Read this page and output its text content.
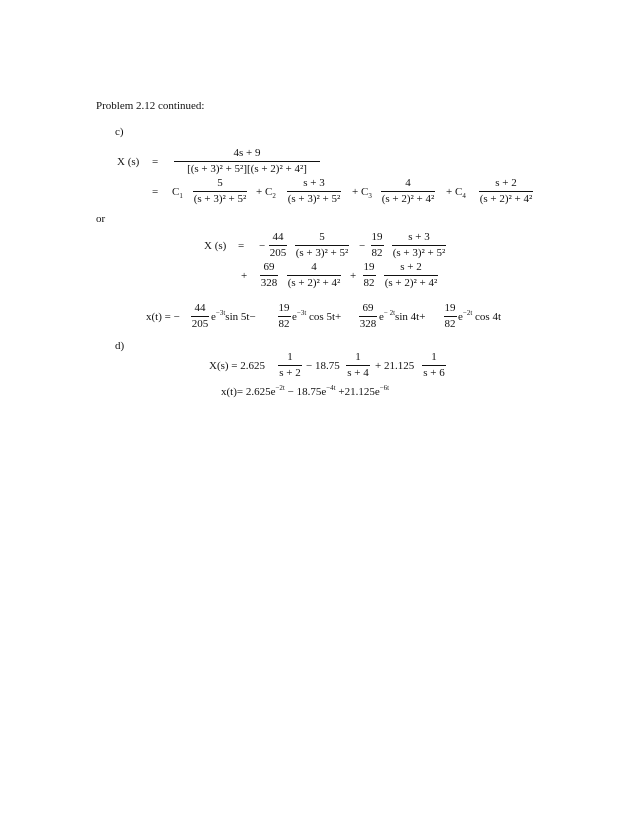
Problem 2.12 continued:
c)
X $(s) = \frac{4s + 9}{\text{[(s + 3)² + 5²][(s + 2)² + 4²]}}$
= $C_1 \frac{5}{\text{(s + 3)² + 5²}} + C_2 \frac{s + 3}{\text{(s + 3)² + 5²}} + C_3 \frac{4}{\text{(s + 2)² + 4²}} + C_4 \frac{s + 2}{\text{(s + 2)² + 4²}}$
or
X (s) = − $\frac{44}{205} \frac{5}{\text{(s + 3)² + 5²}} - \frac{19}{82} \frac{s + 3}{\text{(s + 3)² + 5²}}$
+ $\frac{69}{328} \frac{4}{\text{(s + 2)² + 4²}} + \frac{19}{82} \frac{s + 2}{\text{(s + 2)² + 4²}}$
x(t) = − $\frac{44}{205} e^{-3t}\sin$ $5t- \frac{19}{82} e^{-3t}$ $\cos 5t+ \frac{69}{328} e^{- 2t}\sin$ $4t+ \frac{19}{82} e^{-2t}$ cos 4t
d)
$X(s) = 2.625 \frac{1}{s + 2} - 18.75 \frac{1}{s + 4} + 21.125 \frac{1}{s + 6}$
$x(t)= 2.625e^{-2t} - 18.75e^{-4t} +21.125e^{-6t}$
